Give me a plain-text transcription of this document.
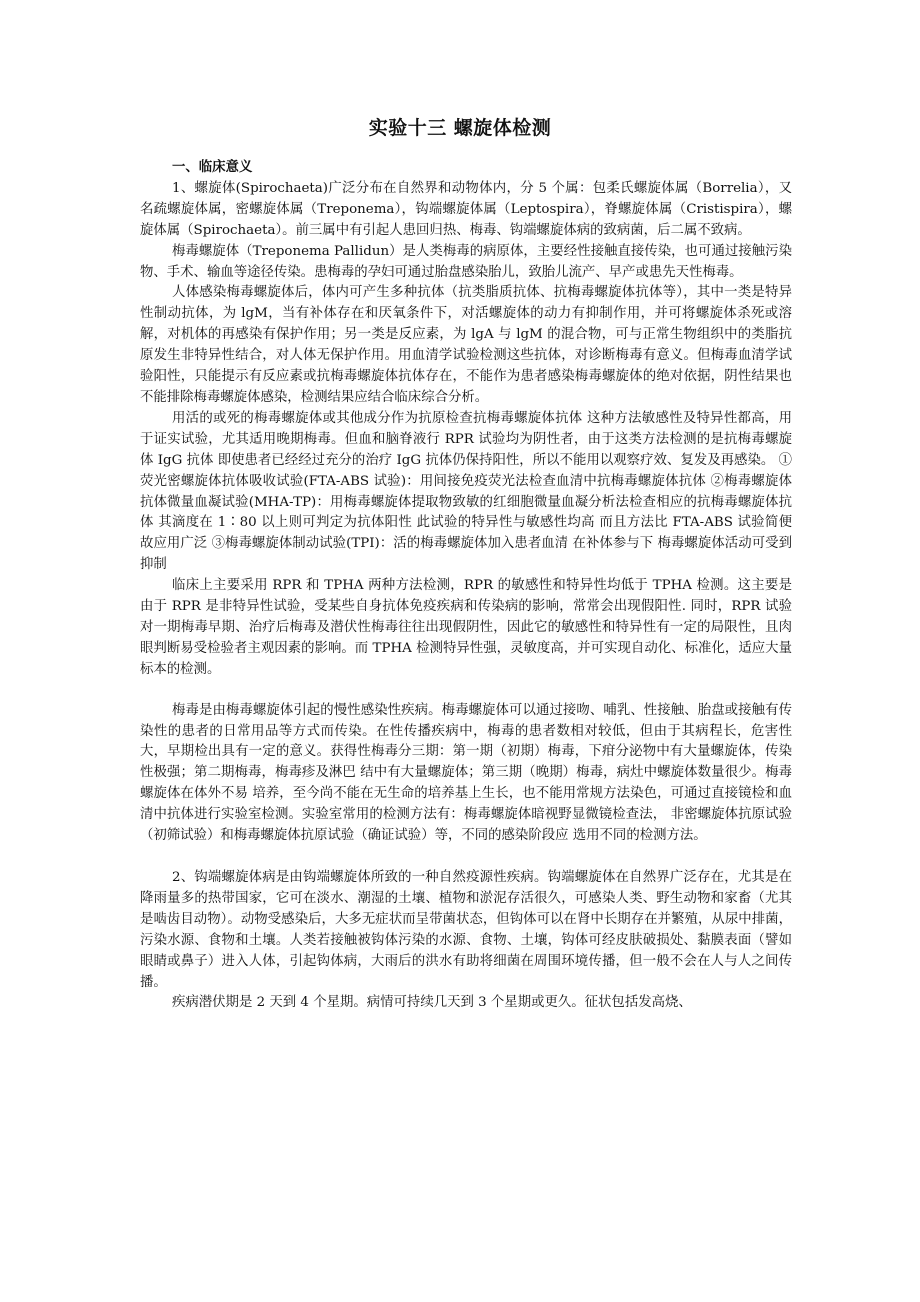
实验十三 螺旋体检测
一、临床意义

1、螺旋体(Spirochaeta)广泛分布在自然界和动物体内，分 5 个属：包柔氏螺旋体属（Borrelia），又名疏螺旋体属，密螺旋体属（Treponema），钩端螺旋体属（Leptospira），脊螺旋体属（Cristispira），螺旋体属（Spirochaeta）。前三属中有引起人患回归热、梅毒、钩端螺旋体病的致病菌，后二属不致病。

梅毒螺旋体（Treponema Pallidun）是人类梅毒的病原体，主要经性接触直接传染，也可通过接触污染物、手术、输血等途径传染。患梅毒的孕妇可通过胎盘感染胎儿，致胎儿流产、早产或患先天性梅毒。

人体感染梅毒螺旋体后，体内可产生多种抗体（抗类脂质抗体、抗梅毒螺旋体抗体等），其中一类是特异性制动抗体，为 lgM，当有补体存在和厌氧条件下，对活螺旋体的动力有抑制作用，并可将螺旋体杀死或溶解，对机体的再感染有保护作用；另一类是反应素，为 lgA 与 lgM 的混合物，可与正常生物组织中的类脂抗原发生非特异性结合，对人体无保护作用。用血清学试验检测这些抗体，对诊断梅毒有意义。但梅毒血清学试验阳性，只能提示有反应素或抗梅毒螺旋体抗体存在，不能作为患者感染梅毒螺旋体的绝对依据，阴性结果也不能排除梅毒螺旋体感染，检测结果应结合临床综合分析。

用活的或死的梅毒螺旋体或其他成分作为抗原检查抗梅毒螺旋体抗体 这种方法敏感性及特异性都高，用于证实试验，尤其适用晚期梅毒。但血和脑脊液行 RPR 试验均为阴性者，由于这类方法检测的是抗梅毒螺旋体 IgG 抗体 即使患者已经经过充分的治疗 IgG 抗体仍保持阳性，所以不能用以观察疗效、复发及再感染。 ①荧光密螺旋体抗体吸收试验(FTA-ABS 试验)：用间接免疫荧光法检查血清中抗梅毒螺旋体抗体 ②梅毒螺旋体抗体微量血凝试验(MHA-TP)：用梅毒螺旋体提取物致敏的红细胞微量血凝分析法检查相应的抗梅毒螺旋体抗体 其滴度在 1∶80 以上则可判定为抗体阳性 此试验的特异性与敏感性均高 而且方法比 FTA-ABS 试验简便 故应用广泛 ③梅毒螺旋体制动试验(TPI)：活的梅毒螺旋体加入患者血清 在补体参与下 梅毒螺旋体活动可受到抑制

临床上主要采用 RPR 和 TPHA 两种方法检测，RPR 的敏感性和特异性均低于 TPHA 检测。这主要是由于 RPR 是非特异性试验，受某些自身抗体免疫疾病和传染病的影响，常常会出现假阳性. 同时，RPR 试验对一期梅毒早期、治疗后梅毒及潜伏性梅毒往往出现假阴性，因此它的敏感性和特异性有一定的局限性，且肉眼判断易受检验者主观因素的影响。而 TPHA 检测特异性强，灵敏度高，并可实现自动化、标准化，适应大量标本的检测。

梅毒是由梅毒螺旋体引起的慢性感染性疾病。梅毒螺旋体可以通过接吻、哺乳、性接触、胎盘或接触有传染性的患者的日常用品等方式而传染。在性传播疾病中，梅毒的患者数相对较低，但由于其病程长，危害性大，早期检出具有一定的意义。获得性梅毒分三期：第一期（初期）梅毒，下疳分泌物中有大量螺旋体，传染性极强；第二期梅毒，梅毒疹及淋巴 结中有大量螺旋体；第三期（晚期）梅毒，病灶中螺旋体数量很少。梅毒螺旋体在体外不易 培养，至今尚不能在无生命的培养基上生长，也不能用常规方法染色，可通过直接镜检和血 清中抗体进行实验室检测。实验室常用的检测方法有：梅毒螺旋体暗视野显微镜检查法， 非密螺旋体抗原试验（初筛试验）和梅毒螺旋体抗原试验（确证试验）等，不同的感染阶段应 选用不同的检测方法。

2、钩端螺旋体病是由钩端螺旋体所致的一种自然疫源性疾病。钩端螺旋体在自然界广泛存在，尤其是在降雨量多的热带国家，它可在淡水、潮湿的土壤、植物和淤泥存活很久，可感染人类、野生动物和家畜（尤其是啮齿目动物）。动物受感染后，大多无症状而呈带菌状态，但钩体可以在肾中长期存在并繁殖，从尿中排菌，污染水源、食物和土壤。人类若接触被钩体污染的水源、食物、土壤，钩体可经皮肤破损处、黏膜表面（譬如眼睛或鼻子）进入人体，引起钩体病，大雨后的洪水有助将细菌在周围环境传播，但一般不会在人与人之间传播。

疾病潜伏期是 2 天到 4 个星期。病情可持续几天到 3 个星期或更久。征状包括发高烧、
